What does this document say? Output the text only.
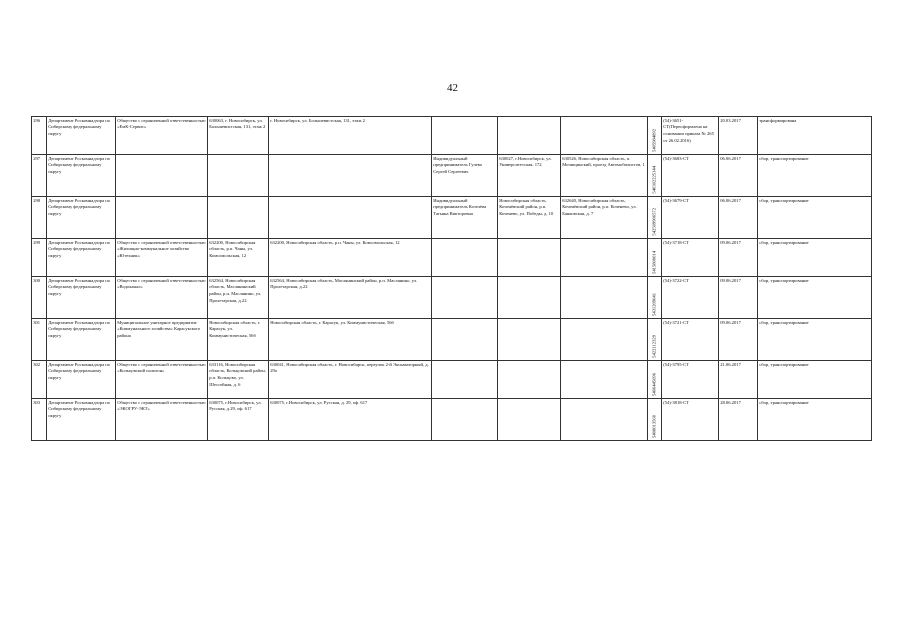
42
296	Департамент Роскомнадзора по Сибирскому федеральному округу	Общество с ограниченной ответственностью «ЕмК-Сервис»	630063, г. Новосибирск, ул. Большевистская, 131, этаж 2	г. Новосибирск, ул. Большевистская, 131, этаж 2				5405984892	(54)-3651-СТ(Переоформлена на основании приказа № 265 от 26.02.2016)	20.03.2017	трансформирована
297	Департамент Роскомнадзора по Сибирскому федеральному округу				Индивидуальный предприниматель Гулева Сергей Сергеевич	630027, г.Новосибирск, ул. Университетская, 172	630526, Новосибирская область, п. Мочищинский, проезд Автомобилистов, 1	540302225144	(54)-3683-СТ	06.06.2017	сбор, транспортирование
298	Департамент Роскомнадзора по Сибирскому федеральному округу				Индивидуальный предприниматель Козелёва Татьяна Викторовна	Новосибирская область, Коченёвский район, р.п. Коченево, ул. Победы, д. 10	632640, Новосибирская область, Коченёвский район, р.п. Коченево, ул. Банковская, д. 7	542509906572	(54)-3679-СТ	06.06.2017	сбор, транспортирование
299	Департамент Роскомнадзора по Сибирскому федеральному округу	Общество с ограниченной ответственностью «Жилищно-коммунальное хозяйство «Ютехник»	632200, Новосибирская область, р.п. Чаны, ул. Комсомольская, 12	632200, Новосибирская область, р.п. Чаны, ул. Комсомольская, 12				5415800014	(54)-3718-СТ	09.06.2017	сбор, транспортирование
300	Департамент Роскомнадзора по Сибирскому федеральному округу	Общество с ограниченной ответственностью «Водоканал»	632564, Новосибирская область, Маслянинский район, р.п. Маслянино, ул. Пролетарская, д.22	632564, Новосибирская область, Маслянинский район, р.п. Маслянино, ул. Пролетарская, д.22				5431209041	(54)-3722-СТ	09.06.2017	сбор, транспортирование
301	Департамент Роскомнадзора по Сибирскому федеральному округу	Муниципальное унитарное предприятие «Коммунального хозяйства» Карасукского района	Новосибирская область, г. Карасук, ул. Коммунистическая, 56б	Новосибирская область, г. Карасук, ул. Коммунистическая, 56б				5422112329	(54)-3721-СТ	09.06.2017	сбор, транспортирование
302	Департамент Роскомнадзора по Сибирскому федеральному округу	Общество с ограниченной ответственностью «Кольцовский полигон»	633116, Новосибирская область, Кольцовский район, р.п. Кольцово, ул. Шессейная, д. 6	630041, Новосибирская область, г. Новосибирск, переулок 2-й Экскаваторный, д. 29а				5406445696	(54)-3795-СТ	21.06.2017	сбор, транспортирование
303	Департамент Роскомнадзора по Сибирскому федеральному округу	Общество с ограниченной ответственностью «ЭКОГРУ-ЭКТ»	630075, г.Новосибирск, ул. Русская, д.29, оф. 617	630075, г.Новосибирск, ул. Русская, д. 29, оф. 617				5408013560	(54)-3818-СТ	28.06.2017	сбор, транспортирование
